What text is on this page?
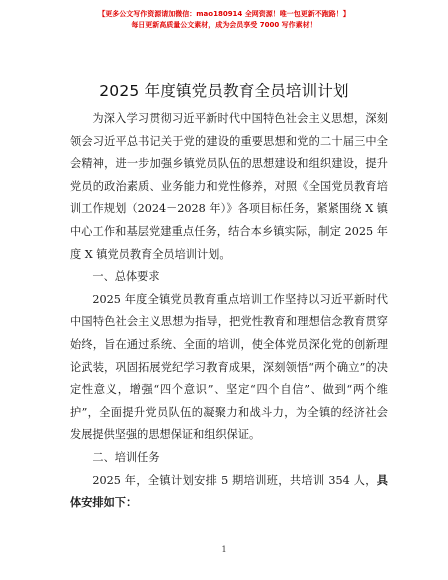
【更多公文写作资源请加微信：mao180914 全网资源！唯一包更新不跑路！】
每日更新高质量公文素材，成为会员享受 7000 写作素材！
2025 年度镇党员教育全员培训计划

为深入学习贯彻习近平新时代中国特色社会主义思想，深刻领会习近平总书记关于党的建设的重要思想和党的二十届三中全会精神，进一步加强乡镇党员队伍的思想建设和组织建设，提升党员的政治素质、业务能力和党性修养，对照《全国党员教育培训工作规划（2024－2028 年）》各项目标任务，紧紧围绕 X 镇中心工作和基层党建重点任务，结合本乡镇实际，制定 2025 年度 X 镇党员教育全员培训计划。

一、总体要求

2025 年度全镇党员教育重点培训工作坚持以习近平新时代中国特色社会主义思想为指导，把党性教育和理想信念教育贯穿始终，旨在通过系统、全面的培训，使全体党员深化党的创新理论武装，巩固拓展党纪学习教育成果，深刻领悟“两个确立”的决定性意义，增强“四个意识”、坚定“四个自信”、做到“两个维护”，全面提升党员队伍的凝聚力和战斗力，为全镇的经济社会发展提供坚强的思想保证和组织保证。

二、培训任务

2025 年，全镇计划安排 5 期培训班，共培训 354 人，具体安排如下：

1
